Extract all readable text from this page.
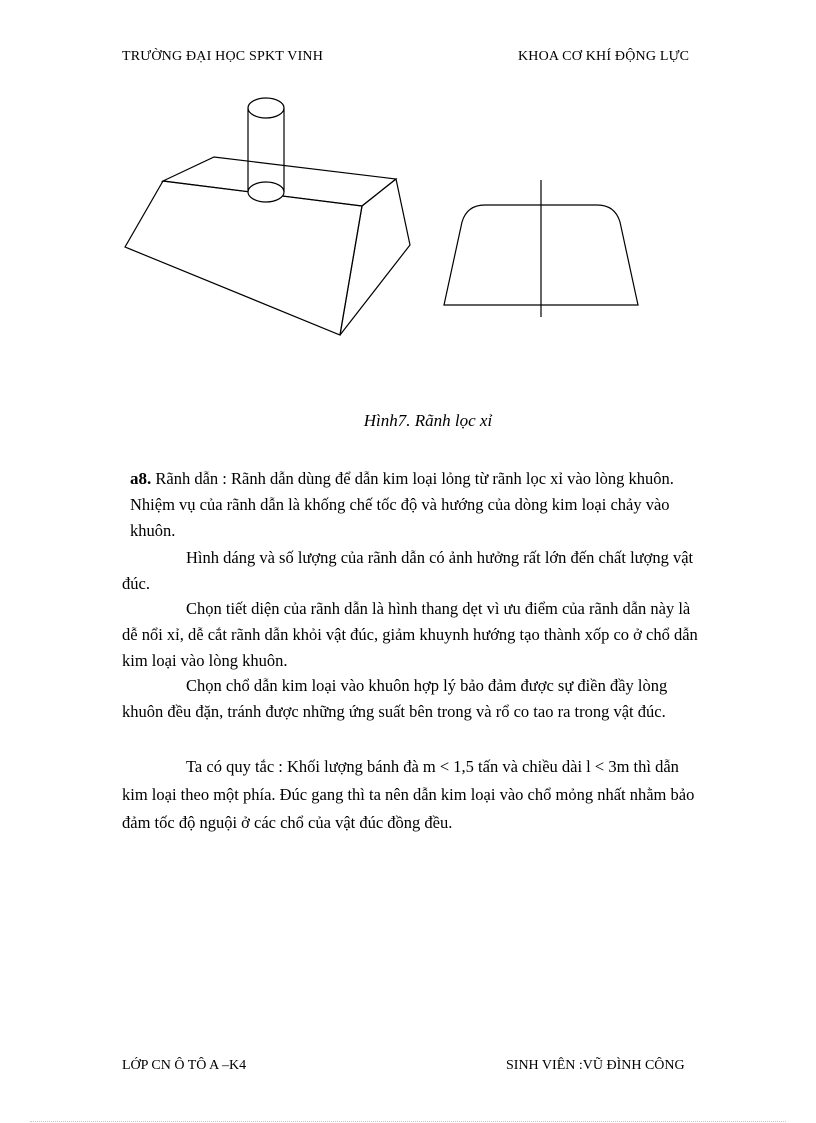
TRƯỜNG ĐẠI HỌC SPKT VINH	KHOA CƠ KHÍ ĐỘNG LỰC
Hình7. Rãnh lọc xỉ

a8. Rãnh dẫn : Rãnh dẫn dùng để dẫn kim loại lỏng từ rãnh lọc xỉ vào lòng khuôn. Nhiệm vụ của rãnh dẫn là khống chế tốc độ và hướng của dòng kim loại chảy vào khuôn.

Hình dáng và số lượng của rãnh dẫn có ảnh hưởng rất lớn đến chất lượng vật đúc.

Chọn tiết diện của rãnh dẫn là hình thang dẹt vì ưu điểm của rãnh dẫn này là dễ nổi xỉ, dễ cắt rãnh dẫn khỏi vật đúc, giảm khuynh hướng tạo thành xốp co ở chổ dẫn kim loại vào lòng khuôn.

Chọn chổ dẫn kim loại vào khuôn hợp lý bảo đảm được sự điền đầy lòng khuôn đều đặn, tránh được những ứng suất bên trong và rổ co tao ra trong vật đúc.

Ta có quy tắc : Khối lượng bánh đà m < 1,5 tấn và chiều dài l < 3m thì dẫn kim loại theo một phía. Đúc gang thì ta nên dẫn kim loại vào chổ mỏng nhất nhằm bảo đảm tốc độ nguội ở các chổ của vật đúc đồng đều.

LỚP CN Ô TÔ A –K4	SINH VIÊN :VŨ ĐÌNH CÔNG
